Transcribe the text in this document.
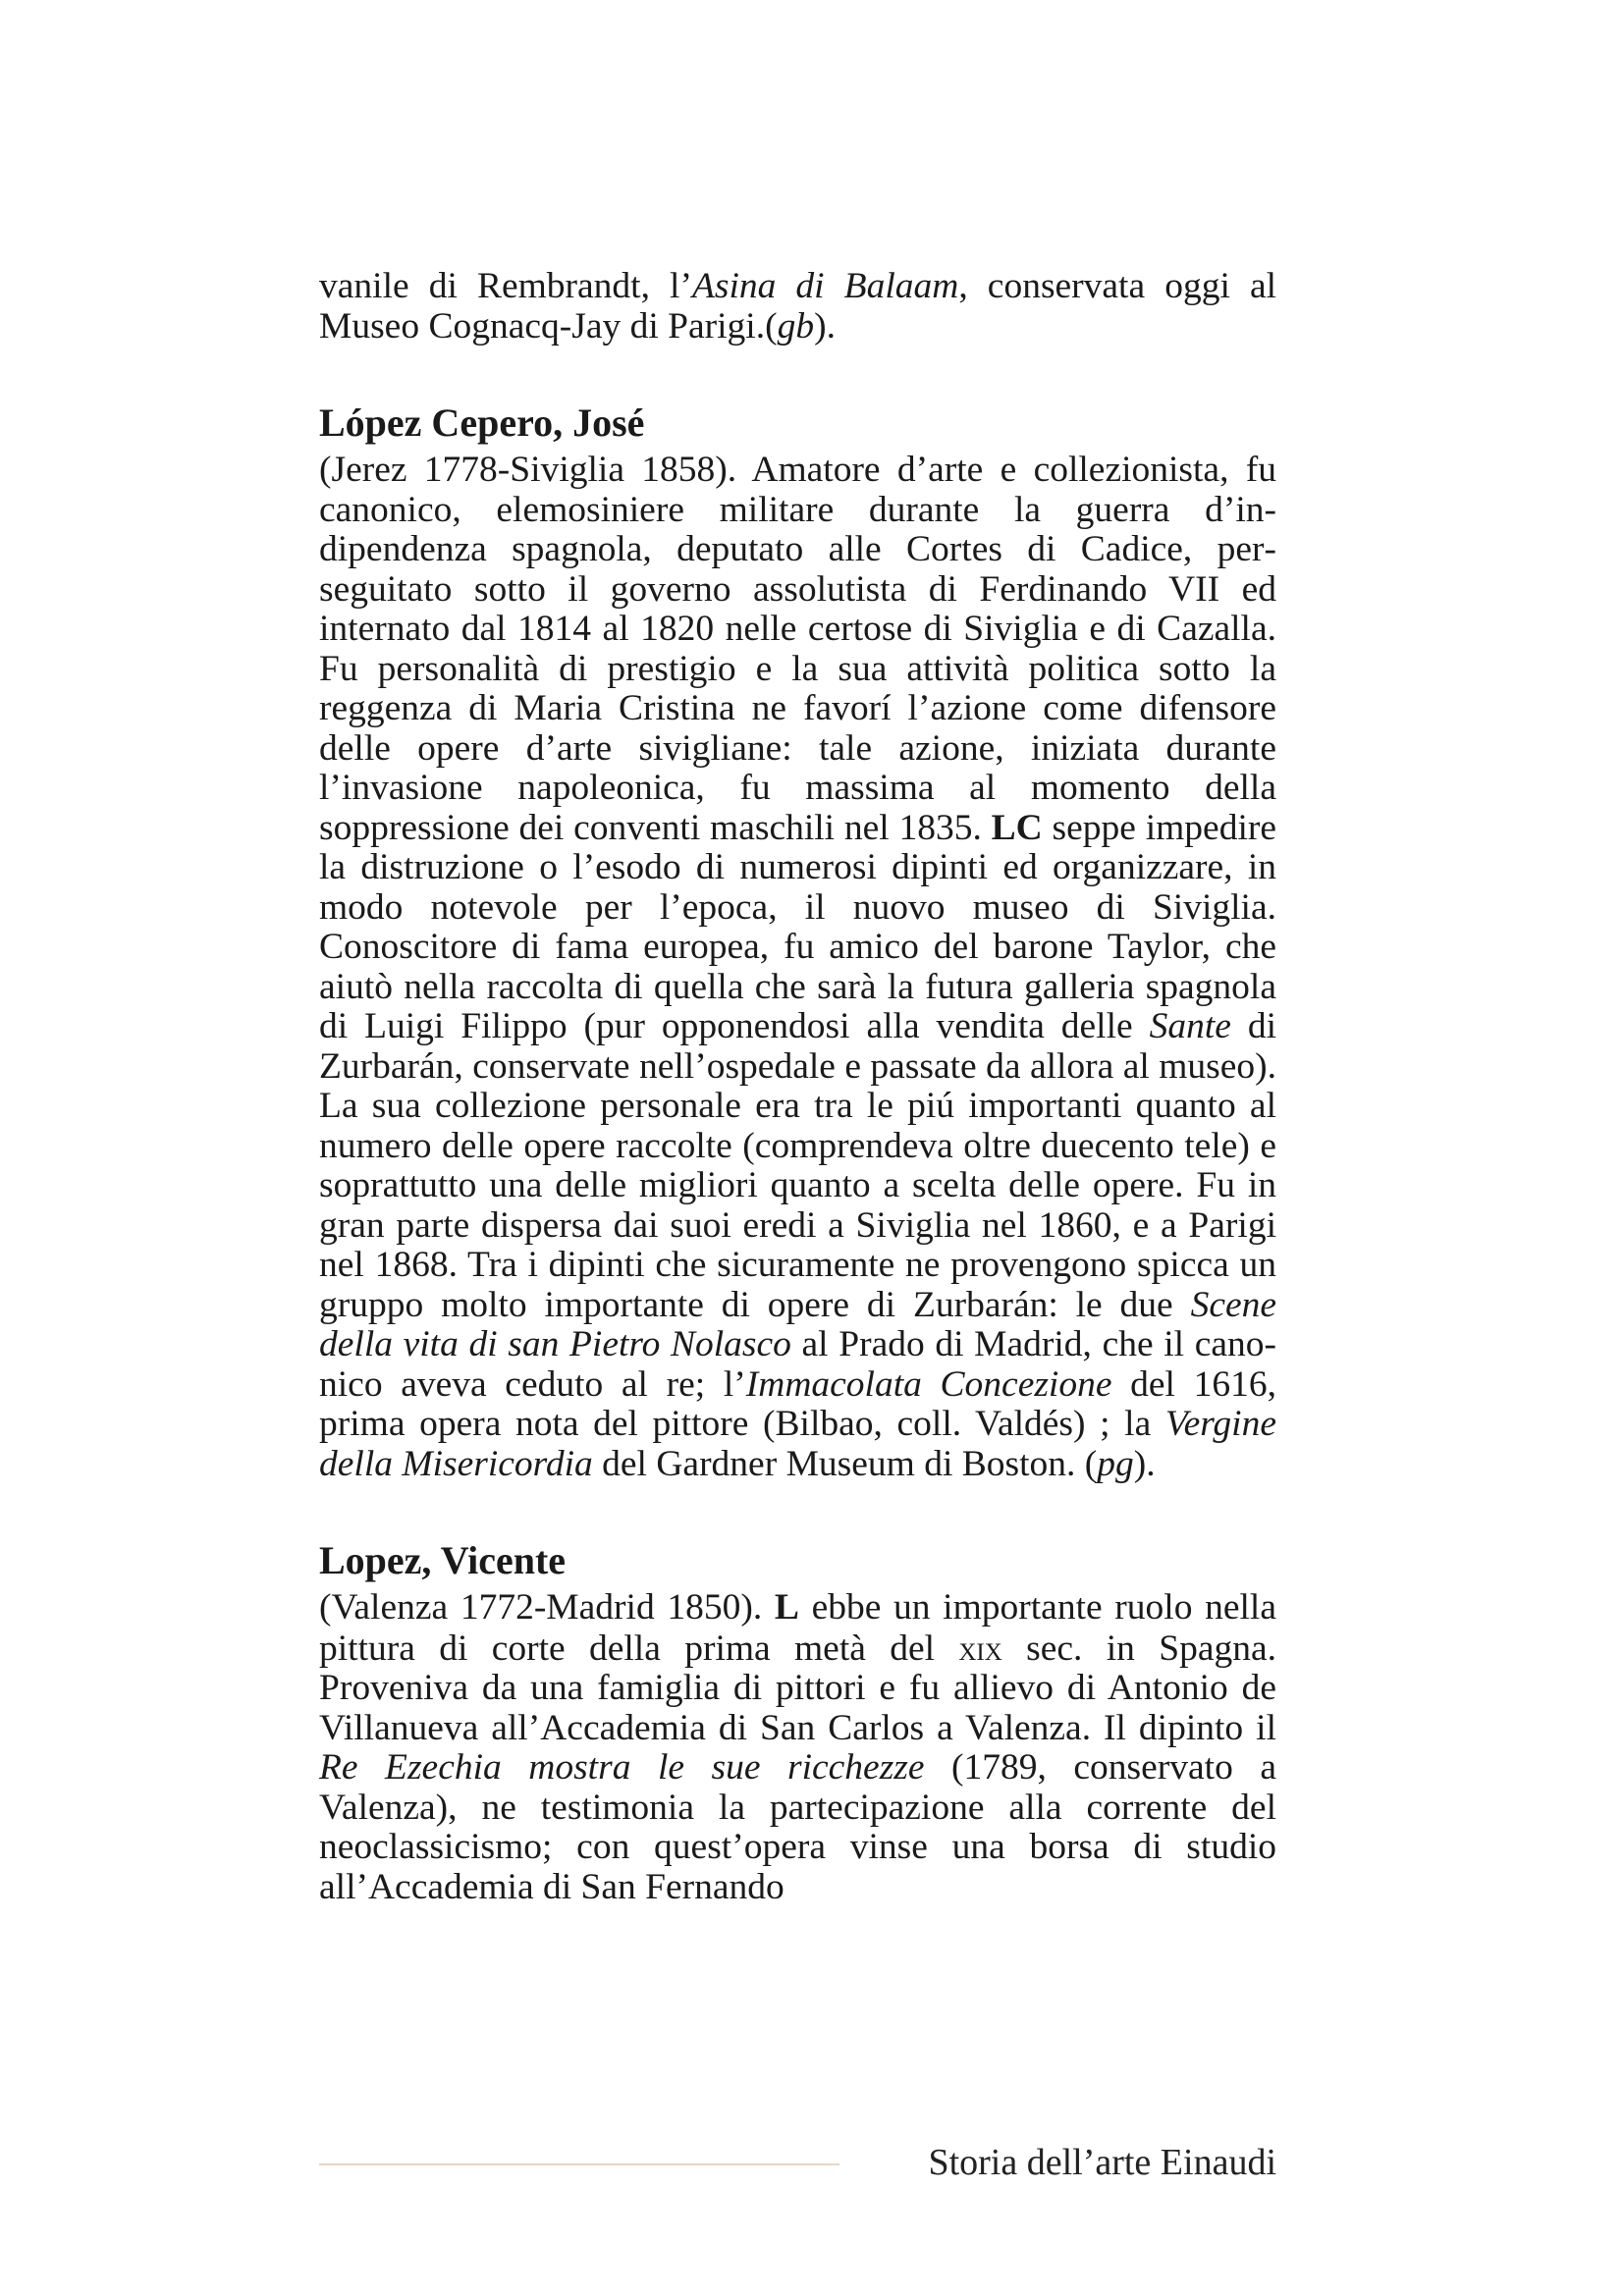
vanile di Rembrandt, l’Asina di Balaam, conservata oggi al Museo Cognacq-Jay di Parigi.(gb).

López Cepero, José

(Jerez 1778-Siviglia 1858). Amatore d’arte e collezionista, fu canonico, elemosiniere militare durante la guerra d’indipendenza spagnola, deputato alle Cortes di Cadice, perseguitato sotto il governo assolutista di Ferdinando VII ed internato dal 1814 al 1820 nelle certose di Siviglia e di Cazalla. Fu personalità di prestigio e la sua attività politica sotto la reggenza di Maria Cristina ne favorí l’azione come difensore delle opere d’arte sivigliane: tale azione, iniziata durante l’invasione napoleonica, fu massima al momento della soppressione dei conventi maschili nel 1835. LC seppe impedire la distruzione o l’esodo di numerosi dipinti ed organizzare, in modo notevole per l’epoca, il nuovo museo di Siviglia. Conoscitore di fama europea, fu amico del barone Taylor, che aiutò nella raccolta di quella che sarà la futura galleria spagnola di Luigi Filippo (pur opponendosi alla vendita delle Sante di Zurbarán, conservate nell’ospedale e passate da allora al museo). La sua collezione personale era tra le piú importanti quanto al numero delle opere raccolte (comprendeva oltre duecento tele) e soprattutto una delle migliori quanto a scelta delle opere. Fu in gran parte dispersa dai suoi eredi a Siviglia nel 1860, e a Parigi nel 1868. Tra i dipinti che sicuramente ne provengono spicca un gruppo molto importante di opere di Zurbarán: le due Scene della vita di san Pietro Nolasco al Prado di Madrid, che il canonico aveva ceduto al re; l’Immacolata Concezione del 1616, prima opera nota del pittore (Bilbao, coll. Valdés) ; la Vergine della Misericordia del Gardner Museum di Boston. (pg).

Lopez, Vicente

(Valenza 1772-Madrid 1850). L ebbe un importante ruolo nella pittura di corte della prima metà del xix sec. in Spagna. Proveniva da una famiglia di pittori e fu allievo di Antonio de Villanueva all’Accademia di San Carlos a Valenza. Il dipinto il Re Ezechia mostra le sue ricchezze (1789, conservato a Valenza), ne testimonia la partecipazione alla corrente del neoclassicismo; con quest’opera vinse una borsa di studio all’Accademia di San Fernando

Storia dell’arte Einaudi
